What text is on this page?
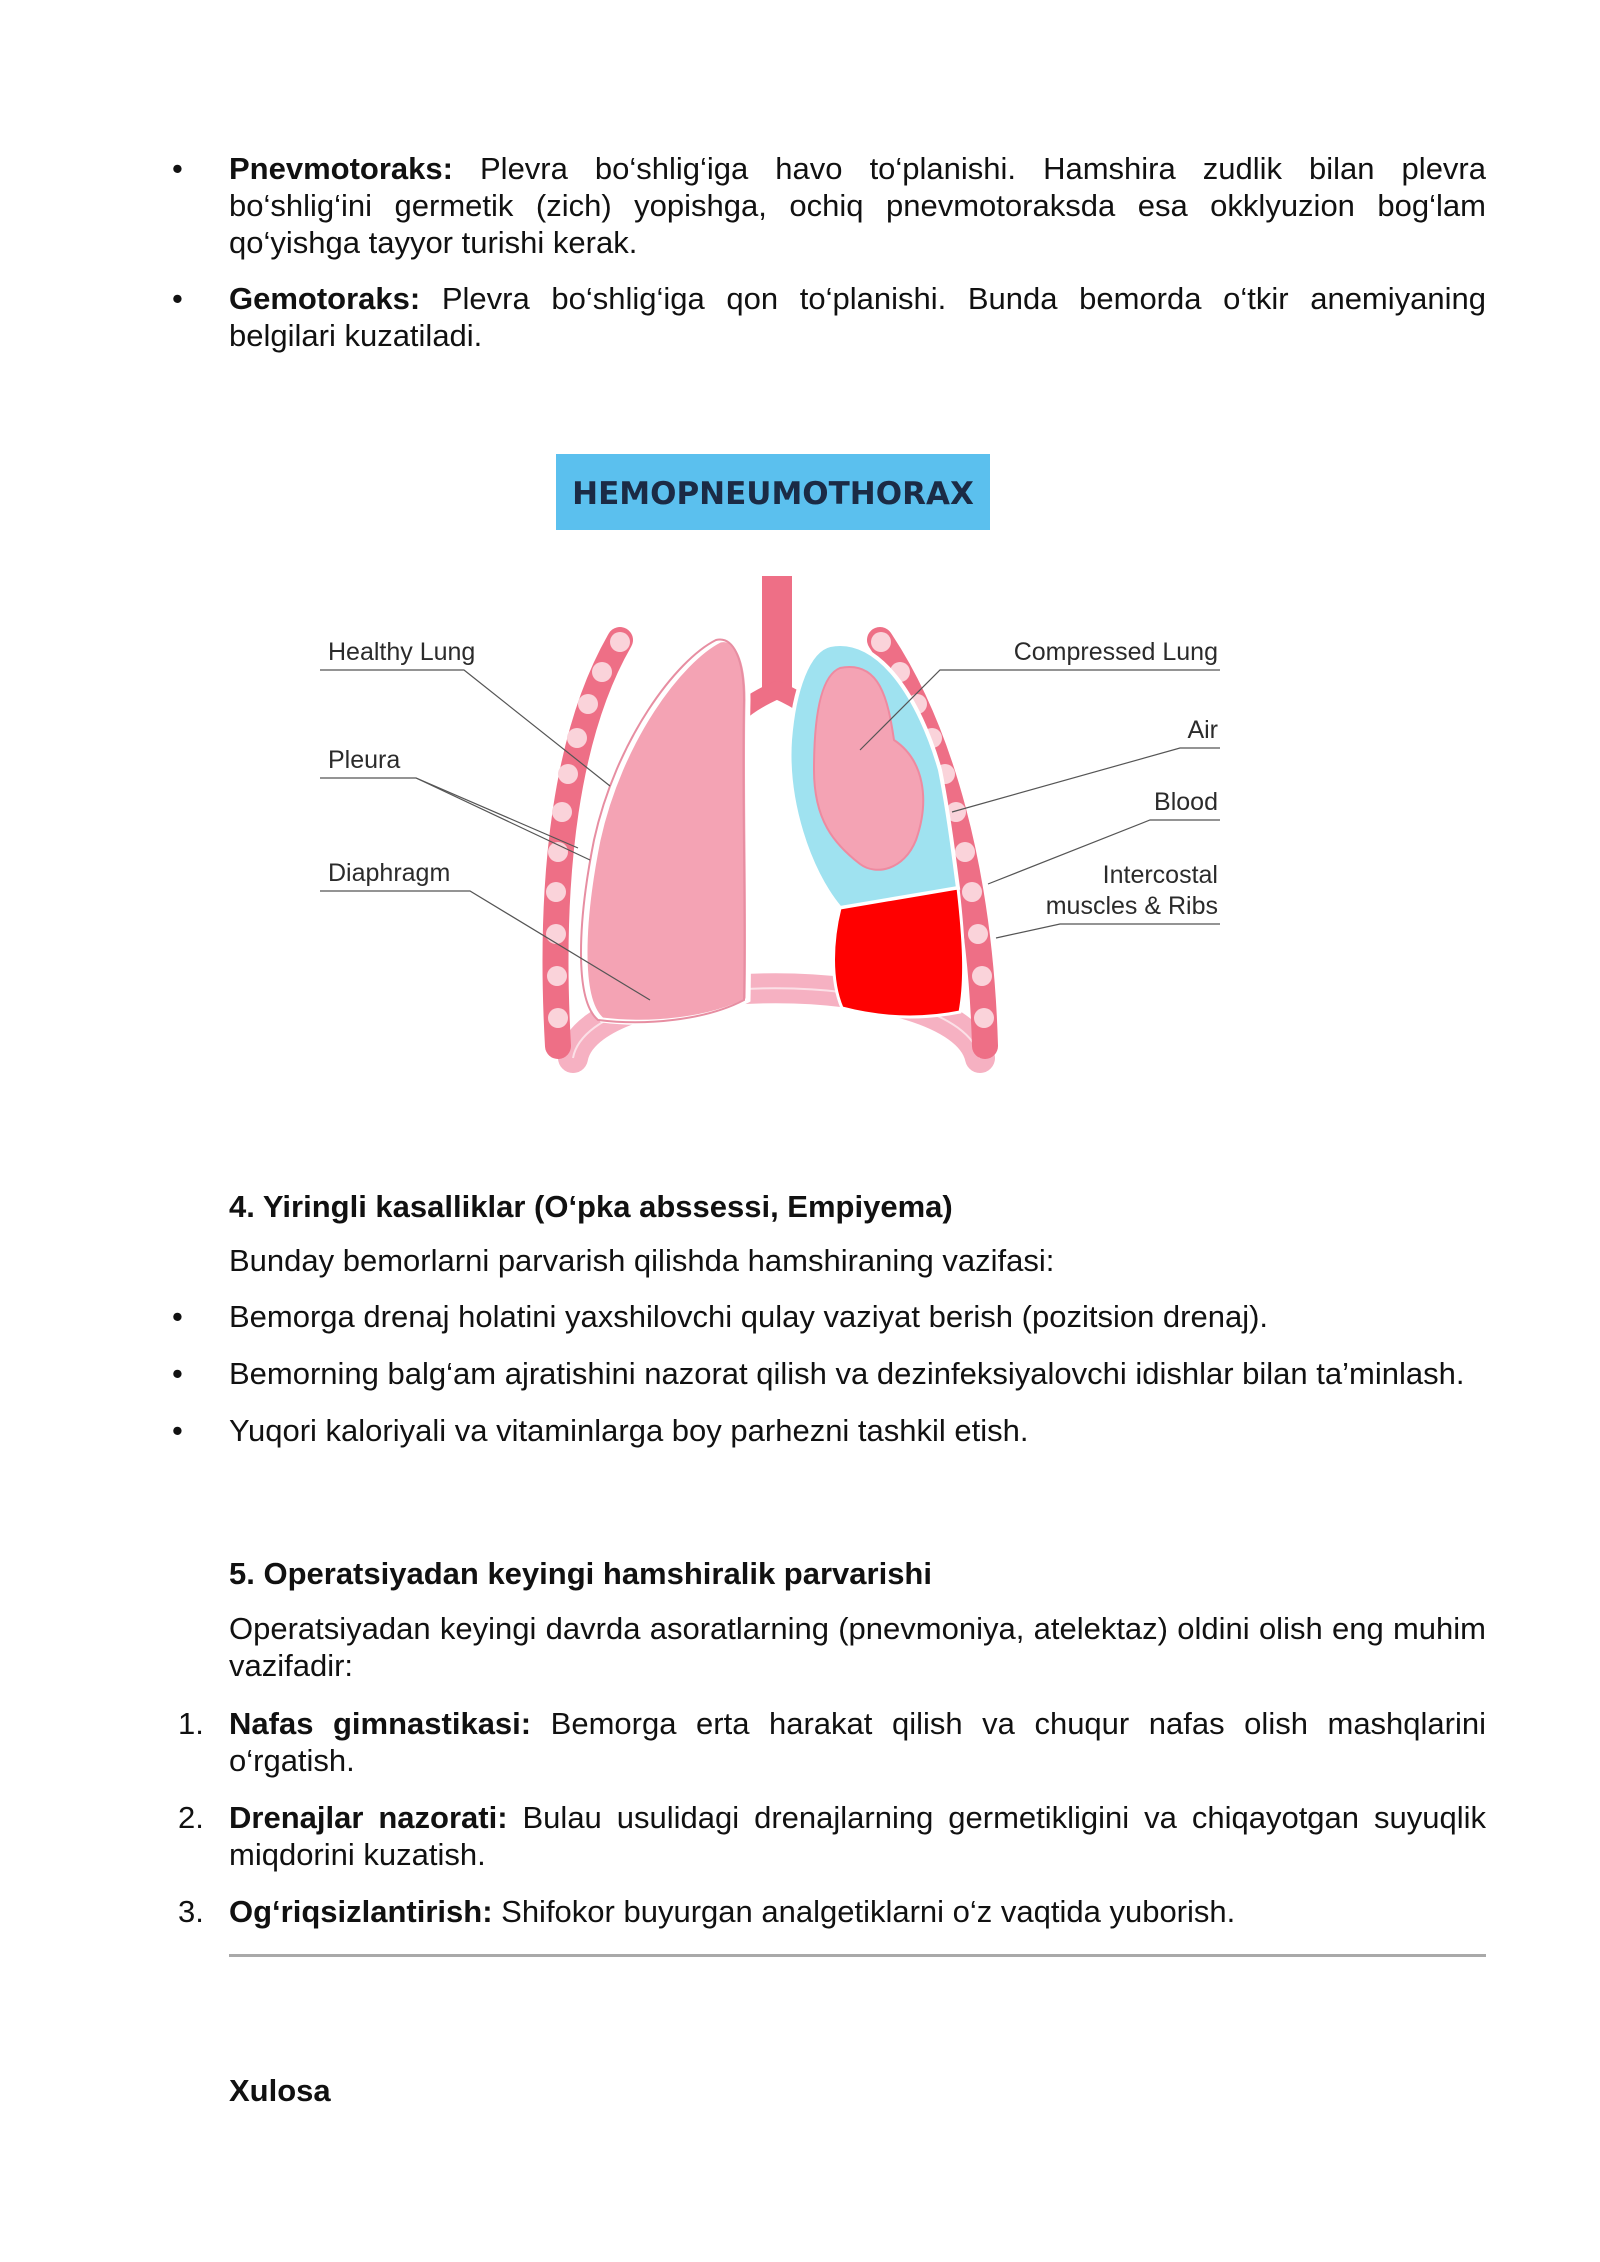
•	Pnevmotoraks: Plevra bo‘shlig‘iga havo to‘planishi. Hamshira zudlik bilan plevra bo‘shlig‘ini germetik (zich) yopishga, ochiq pnevmotoraksda esa okklyuzion bog‘lam qo‘yishga tayyor turishi kerak.
•	Gemotoraks: Plevra bo‘shlig‘iga qon to‘planishi. Bunda bemorda o‘tkir anemiyaning belgilari kuzatiladi.
HEMOPNEUMOTHORAX
Healthy Lung
Pleura
Diaphragm
Compressed Lung
Air
Blood
Intercostal
muscles & Ribs

4. Yiringli kasalliklar (O‘pka abssessi, Empiyema)

Bunday bemorlarni parvarish qilishda hamshiraning vazifasi:

•	Bemorga drenaj holatini yaxshilovchi qulay vaziyat berish (pozitsion drenaj).
•	Bemorning balg‘am ajratishini nazorat qilish va dezinfeksiyalovchi idishlar bilan ta’minlash.
•	Yuqori kaloriyali va vitaminlarga boy parhezni tashkil etish.

5. Operatsiyadan keyingi hamshiralik parvarishi

Operatsiyadan keyingi davrda asoratlarning (pnevmoniya, atelektaz) oldini olish eng muhim vazifadir:

1. Nafas gimnastikasi: Bemorga erta harakat qilish va chuqur nafas olish mashqlarini o‘rgatish.
2. Drenajlar nazorati: Bulau usulidagi drenajlarning germetikligini va chiqayotgan suyuqlik miqdorini kuzatish.
3. Og‘riqsizlantirish: Shifokor buyurgan analgetiklarni o‘z vaqtida yuborish.

Xulosa
